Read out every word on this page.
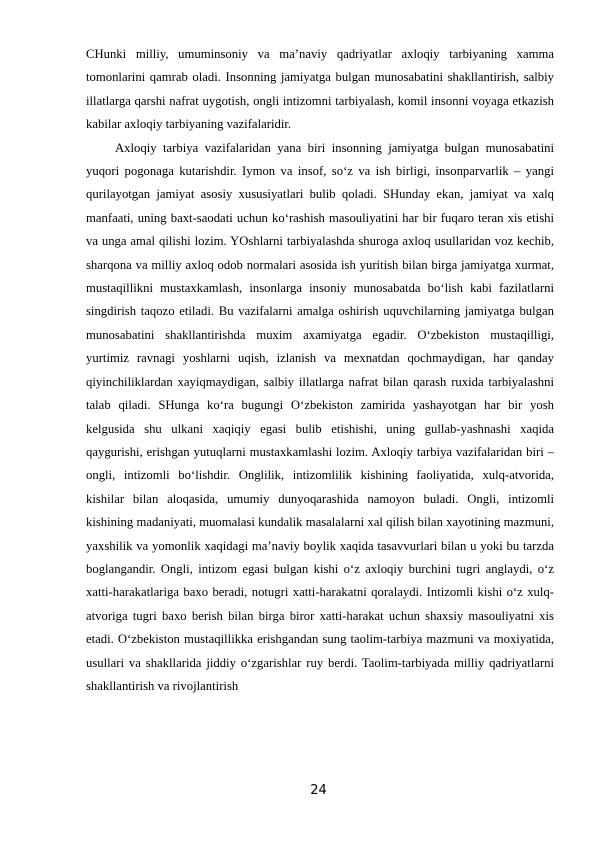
CHunki milliy, umuminsoniy va ma’naviy qadriyatlar axloqiy tarbiyaning xamma tomonlarini qamrab oladi. Insonning jamiyatga bulgan munosabatini shakllantirish, salbiy illatlarga qarshi nafrat uygotish, ongli intizomni tarbiyalash, komil insonni voyaga etkazish kabilar axloqiy tarbiyaning vazifalaridir.

Axloqiy tarbiya vazifalaridan yana biri insonning jamiyatga bulgan munosabatini yuqori pogonaga kutarishdir. Iymon va insof, so‘z va ish birligi, insonparvarlik – yangi qurilayotgan jamiyat asosiy xususiyatlari bulib qoladi. SHunday ekan, jamiyat va xalq manfaati, uning baxt-saodati uchun ko‘rashish masouliyatini har bir fuqaro teran xis etishi va unga amal qilishi lozim. YOshlarni tarbiyalashda shuroga axloq usullaridan voz kechib, sharqona va milliy axloq odob normalari asosida ish yuritish bilan birga jamiyatga xurmat, mustaqillikni mustaxkamlash, insonlarga insoniy munosabatda bo‘lish kabi fazilatlarni singdirish taqozo etiladi. Bu vazifalarni amalga oshirish uquvchilarning jamiyatga bulgan munosabatini shakllantirishda muxim axamiyatga egadir. O‘zbekiston mustaqilligi, yurtimiz ravnagi yoshlarni uqish, izlanish va mexnatdan qochmaydigan, har qanday qiyinchiliklardan xayiqmaydigan, salbiy illatlarga nafrat bilan qarash ruxida tarbiyalashni talab qiladi. SHunga ko‘ra bugungi O‘zbekiston zamirida yashayotgan har bir yosh kelgusida shu ulkani xaqiqiy egasi bulib etishishi, uning gullab-yashnashi xaqida qaygurishi, erishgan yutuqlarni mustaxkamlashi lozim. Axloqiy tarbiya vazifalaridan biri – ongli, intizomli bo‘lishdir. Onglilik, intizomlilik kishining faoliyatida, xulq-atvorida, kishilar bilan aloqasida, umumiy dunyoqarashida namoyon buladi. Ongli, intizomli kishining madaniyati, muomalasi kundalik masalalarni xal qilish bilan xayotining mazmuni, yaxshilik va yomonlik xaqidagi ma’naviy boylik xaqida tasavvurlari bilan u yoki bu tarzda boglangandir. Ongli, intizom egasi bulgan kishi o‘z axloqiy burchini tugri anglaydi, o‘z xatti-harakatlariga baxo beradi, notugri xatti-harakatni qoralaydi. Intizomli kishi o‘z xulq-atvoriga tugri baxo berish bilan birga biror xatti-harakat uchun shaxsiy masouliyatni xis etadi. O‘zbekiston mustaqillikka erishgandan sung taolim-tarbiya mazmuni va moxiyatida, usullari va shakllarida jiddiy o‘zgarishlar ruy berdi. Taolim-tarbiyada milliy qadriyatlarni shakllantirish va rivojlantirish

24
